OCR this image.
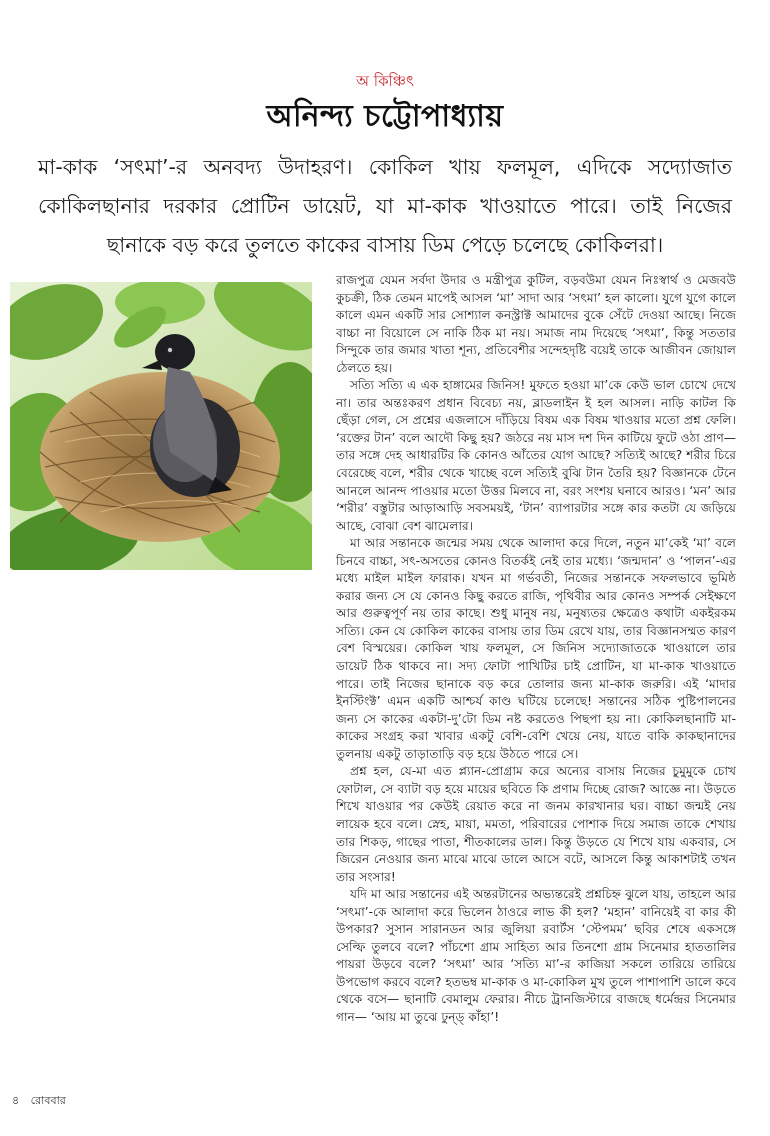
অ কিঞ্চিৎ
অনিন্দ্য চট্টোপাধ্যায়
মা-কাক ‘সৎমা’-র অনবদ্য উদাহরণ। কোকিল খায় ফলমূল, এদিকে সদ্যোজাত কোকিলছানার দরকার প্রোটিন ডায়েট, যা মা-কাক খাওয়াতে পারে। তাই নিজের ছানাকে বড় করে তুলতে কাকের বাসায় ডিম পেড়ে চলেছে কোকিলরা।

রাজপুত্র যেমন সর্বদা উদার ও মন্ত্রীপুত্র কুটিল, বড়বউমা যেমন নিঃস্বার্থ ও মেজবউ কুচক্রী, ঠিক তেমন মাপেই আসল ‘মা’ সাদা আর ‘সৎমা’ হল কালো। যুগে যুগে কালে কালে এমন একটি সার সোশ্যাল কনস্ট্রাক্ট আমাদের বুকে সেঁটে দেওয়া আছে। নিজে বাচ্চা না বিয়োলে সে নাকি ঠিক মা নয়। সমাজ নাম দিয়েছে ‘সৎমা’, কিন্তু সততার সিন্দুকে তার জমার খাতা শূন্য, প্রতিবেশীর সন্দেহদৃষ্টি বয়েই তাকে আজীবন জোয়াল ঠেলতে হয়।

সত্যি সত্যি এ এক হাঙ্গামের জিনিস! মুফতে হওয়া মা’কে কেউ ভাল চোখে দেখে না। তার অন্তঃকরণ প্রধান বিবেচ্য নয়, ব্লাডলাইন ই হল আসল। নাড়ি কাটল কি ছেঁড়া গেল, সে প্রশ্নের এজলাসে দাঁড়িয়ে বিষম এক বিষম খাওয়ার মতো প্রশ্ন ফেলি। ‘রক্তের টান’ বলে আদৌ কিছু হয়? জঠরে নয় মাস দশ দিন কাটিয়ে ফুটে ওঠা প্রাণ— তার সঙ্গে দেহ আধারটির কি কোনও আঁতের যোগ আছে? সত্যিই আছে? শরীর চিরে বেরেচ্ছে বলে, শরীর থেকে খাচ্ছে বলে সত্যিই বুঝি টান তৈরি হয়? বিজ্ঞানকে টেনে আনলে আনন্দ পাওয়ার মতো উত্তর মিলবে না, বরং সংশয় ঘনাবে আরও। ‘মন’ আর ‘শরীর’ বস্তুটার আড়াআড়ি সবসময়ই, ‘টান’ ব্যাপারটার সঙ্গে কার কতটা যে জড়িয়ে আছে, বোঝা বেশ ঝামেলার।

মা আর সন্তানকে জন্মের সময় থেকে আলাদা করে দিলে, নতুন মা’কেই ‘মা’ বলে চিনবে বাচ্চা, সৎ-অসতের কোনও বিতর্কই নেই তার মধ্যে। ‘জন্মদান’ ও ‘পালন’-এর মধ্যে মাইল মাইল ফারাক। যখন মা গর্ভবতী, নিজের সন্তানকে সফলভাবে ভূমিষ্ঠ করার জন্য সে যে কোনও কিছু করতে রাজি, পৃথিবীর আর কোনও সম্পর্ক সেইক্ষণে আর গুরুত্বপূর্ণ নয় তার কাছে। শুধু মানুষ নয়, মনুষ্যতর ক্ষেত্রেও কথাটা একইরকম সত্যি। কেন যে কোকিল কাকের বাসায় তার ডিম রেখে যায়, তার বিজ্ঞানসম্মত কারণ বেশ বিস্ময়ের। কোকিল খায় ফলমূল, সে জিনিস সদ্যোজাতকে খাওয়ালে তার ডায়েট ঠিক থাকবে না। সদ্য ফোটা পাখিটির চাই প্রোটিন, যা মা-কাক খাওয়াতে পারে। তাই নিজের ছানাকে বড় করে তোলার জন্য মা-কাক জরুরি। এই ‘মাদার ইনস্টিংক্ট’ এমন একটি আশ্চর্য কাণ্ড ঘটিয়ে চলেছে! সন্তানের সঠিক পুষ্টিপালনের জন্য সে কাকের একটা-দু’টো ডিম নষ্ট করতেও পিছপা হয় না। কোকিলছানাটি মা-কাকের সংগ্রহ করা খাবার একটু বেশি-বেশি খেয়ে নেয়, যাতে বাকি কাকছানাদের তুলনায় একটু তাড়াতাড়ি বড় হয়ে উঠতে পারে সে।

প্রশ্ন হল, যে-মা এত প্ল্যান-প্রোগ্রাম করে অন্যের বাসায় নিজের চুমুমুকে চোখ ফোটাল, সে ব্যাটা বড় হয়ে মায়ের ছবিতে কি প্রণাম দিচ্ছে রোজ? আজ্ঞে না। উড়তে শিখে যাওয়ার পর কেউই রেয়াত করে না জনম কারখানার ঘর। বাচ্চা জন্মই নেয় লায়েক হবে বলে। স্নেহ, মায়া, মমতা, পরিবারের পোশাক দিয়ে সমাজ তাকে শেখায় তার শিকড়, গাছের পাতা, শীতকালের ডাল। কিন্তু উড়তে যে শিখে যায় একবার, সে জিরেন নেওয়ার জন্য মাঝে মাঝে ডালে আসে বটে, আসলে কিন্তু আকাশটাই তখন তার সংসার!

যদি মা আর সন্তানের এই অন্তরটানের অভ্যন্তরেই প্রশ্নচিহ্ন ঝুলে যায়, তাহলে আর ‘সৎমা’-কে আলাদা করে ভিলেন ঠাওরে লাভ কী হল? ‘মহান’ বানিয়েই বা কার কী উপকার? সুসান সারানডন আর জুলিয়া রবার্টস ‘স্টেপমম’ ছবির শেষে একসঙ্গে সেল্ফি তুলবে বলে? পাঁচশো গ্রাম সাহিত্য আর তিনশো গ্রাম সিনেমার হাততালির পায়রা উড়বে বলে? ‘সৎমা’ আর ‘সত্যি মা’-র কাজিয়া সকলে তারিয়ে তারিয়ে উপভোগ করবে বলে? হতভম্ব মা-কাক ও মা-কোকিল মুখ তুলে পাশাপাশি ডালে কবে থেকে বসে— ছানাটি বেমালুম ফেরার। নীচে ট্রানজিস্টারে বাজছে ধর্মেন্দ্রর সিনেমার গান— ‘আয় মা তুঝে ঢুন্ড্ কাঁহা’!

৪ রোববার
